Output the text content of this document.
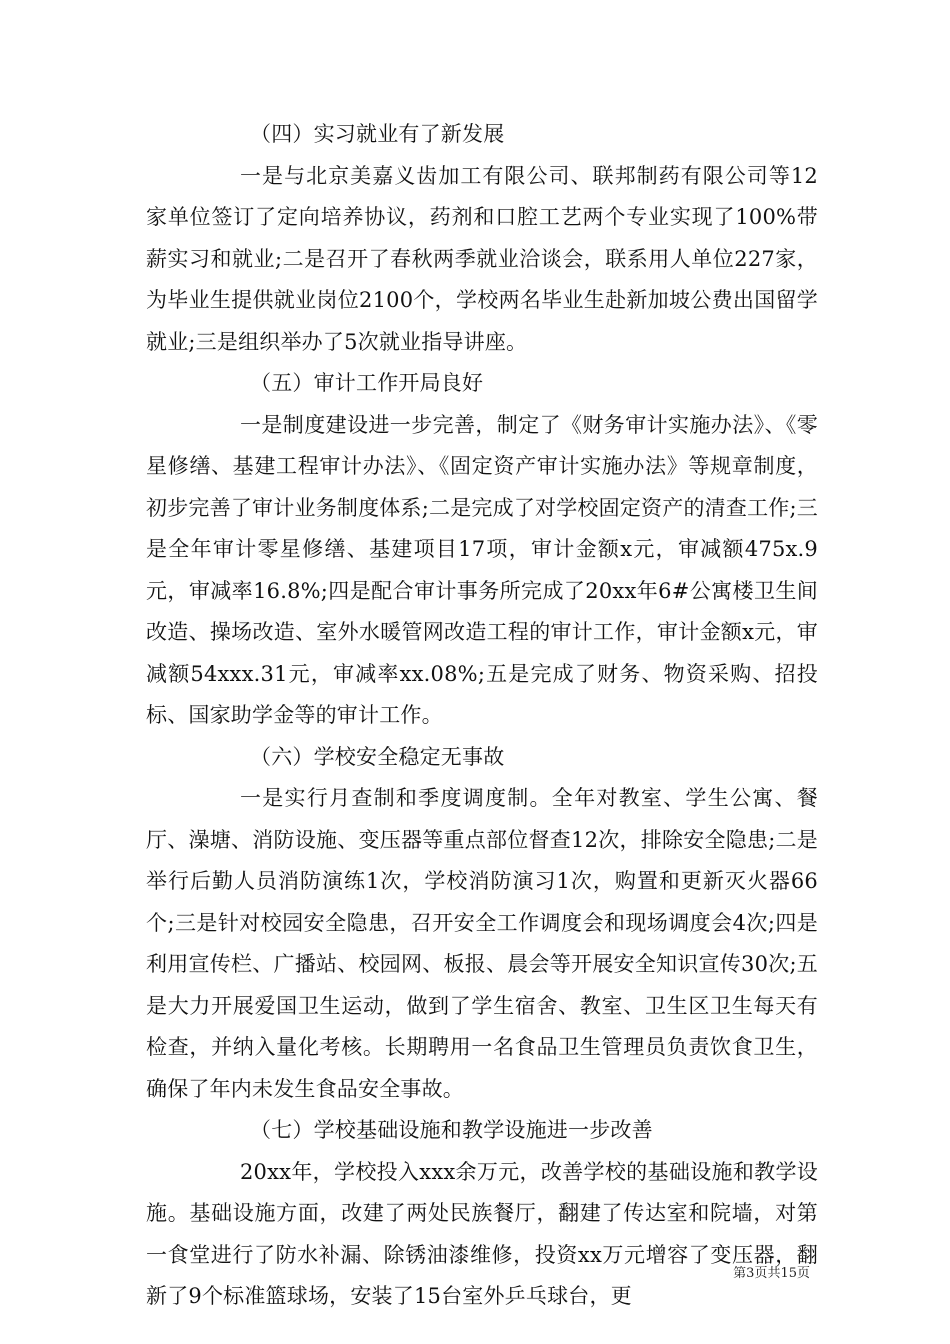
（四）实习就业有了新发展

一是与北京美嘉义齿加工有限公司、联邦制药有限公司等12家单位签订了定向培养协议，药剂和口腔工艺两个专业实现了100%带薪实习和就业;二是召开了春秋两季就业洽谈会，联系用人单位227家，为毕业生提供就业岗位2100个，学校两名毕业生赴新加坡公费出国留学就业;三是组织举办了5次就业指导讲座。

（五）审计工作开局良好

一是制度建设进一步完善，制定了《财务审计实施办法》、《零星修缮、基建工程审计办法》、《固定资产审计实施办法》等规章制度，初步完善了审计业务制度体系;二是完成了对学校固定资产的清查工作;三是全年审计零星修缮、基建项目17项，审计金额x元，审减额475x.9元，审减率16.8%;四是配合审计事务所完成了20xx年6#公寓楼卫生间改造、操场改造、室外水暖管网改造工程的审计工作，审计金额x元，审减额54xxx.31元，审减率xx.08%;五是完成了财务、物资采购、招投标、国家助学金等的审计工作。

（六）学校安全稳定无事故

一是实行月查制和季度调度制。全年对教室、学生公寓、餐厅、澡塘、消防设施、变压器等重点部位督查12次，排除安全隐患;二是举行后勤人员消防演练1次，学校消防演习1次，购置和更新灭火器66个;三是针对校园安全隐患，召开安全工作调度会和现场调度会4次;四是利用宣传栏、广播站、校园网、板报、晨会等开展安全知识宣传30次;五是大力开展爱国卫生运动，做到了学生宿舍、教室、卫生区卫生每天有检查，并纳入量化考核。长期聘用一名食品卫生管理员负责饮食卫生，确保了年内未发生食品安全事故。

（七）学校基础设施和教学设施进一步改善

20xx年，学校投入xxx余万元，改善学校的基础设施和教学设施。基础设施方面，改建了两处民族餐厅，翻建了传达室和院墙，对第一食堂进行了防水补漏、除锈油漆维修，投资xx万元增容了变压器，翻新了9个标准篮球场，安装了15台室外乒乓球台，更

第3页共15页
